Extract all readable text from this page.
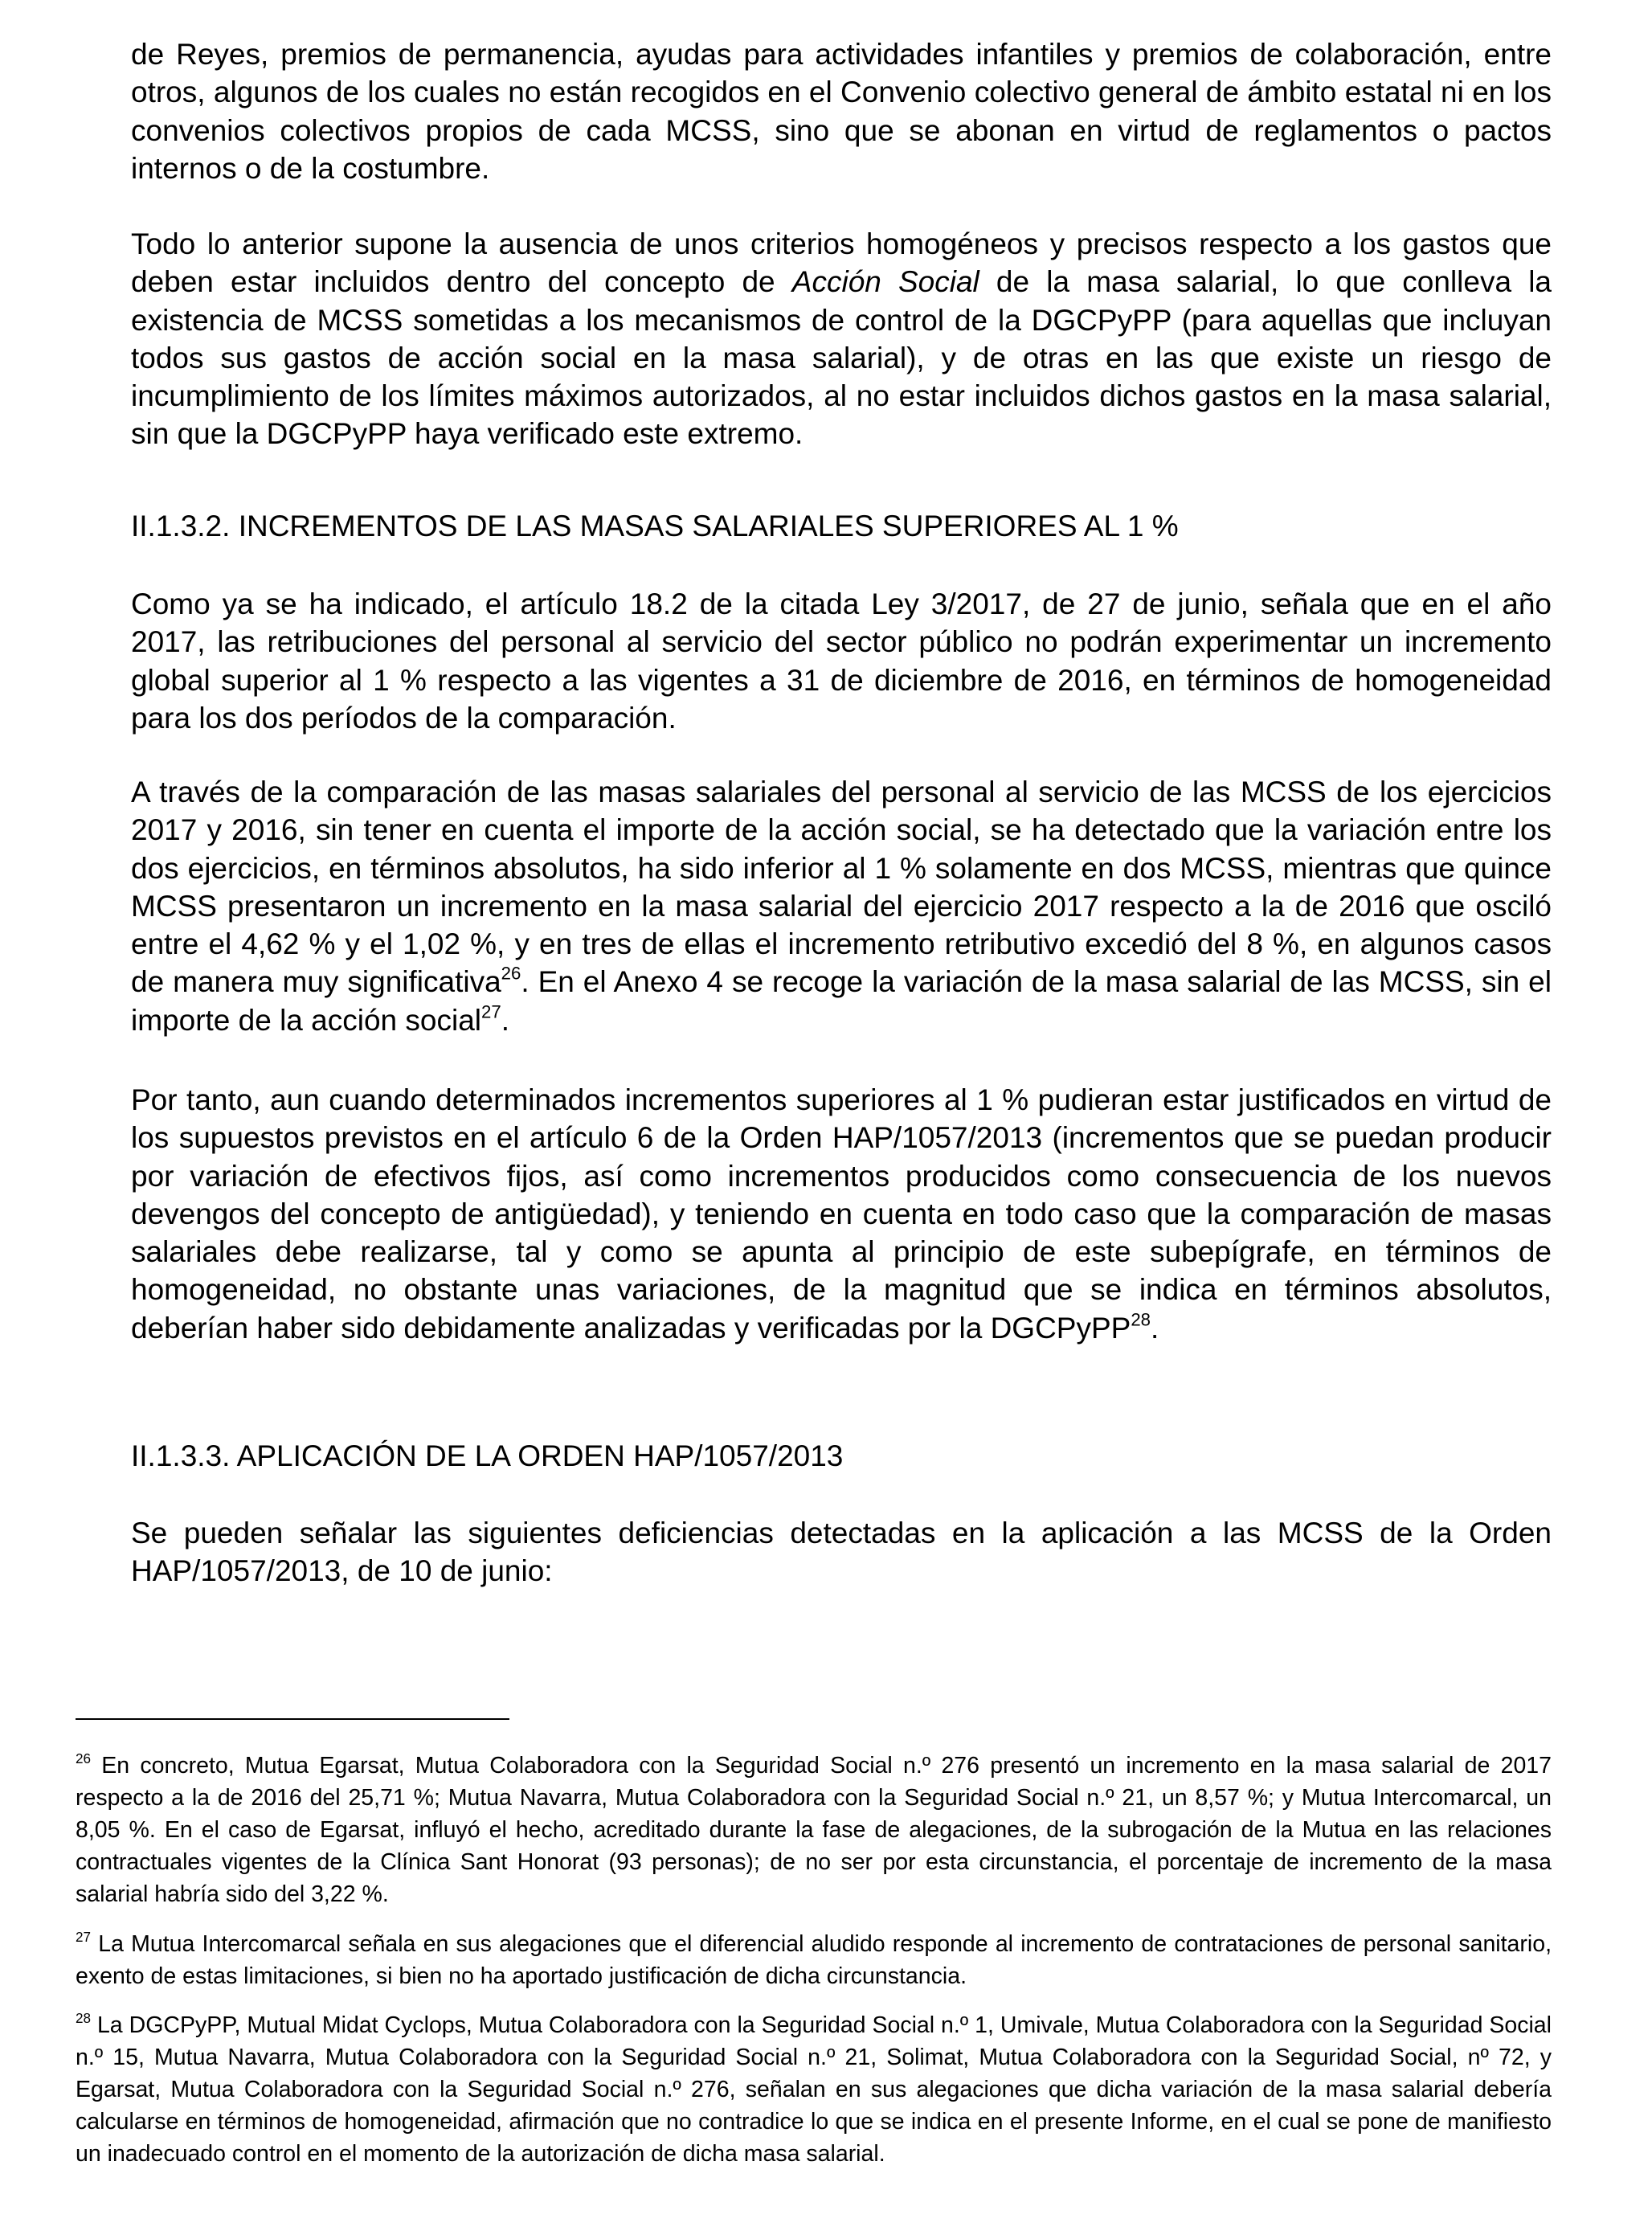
de Reyes, premios de permanencia, ayudas para actividades infantiles y premios de colaboración, entre otros, algunos de los cuales no están recogidos en el Convenio colectivo general de ámbito estatal ni en los convenios colectivos propios de cada MCSS, sino que se abonan en virtud de reglamentos o pactos internos o de la costumbre.
Todo lo anterior supone la ausencia de unos criterios homogéneos y precisos respecto a los gastos que deben estar incluidos dentro del concepto de Acción Social de la masa salarial, lo que conlleva la existencia de MCSS sometidas a los mecanismos de control de la DGCPyPP (para aquellas que incluyan todos sus gastos de acción social en la masa salarial), y de otras en las que existe un riesgo de incumplimiento de los límites máximos autorizados, al no estar incluidos dichos gastos en la masa salarial, sin que la DGCPyPP haya verificado este extremo.
II.1.3.2. INCREMENTOS DE LAS MASAS SALARIALES SUPERIORES AL 1 %
Como ya se ha indicado, el artículo 18.2 de la citada Ley 3/2017, de 27 de junio, señala que en el año 2017, las retribuciones del personal al servicio del sector público no podrán experimentar un incremento global superior al 1 % respecto a las vigentes a 31 de diciembre de 2016, en términos de homogeneidad para los dos períodos de la comparación.
A través de la comparación de las masas salariales del personal al servicio de las MCSS de los ejercicios 2017 y 2016, sin tener en cuenta el importe de la acción social, se ha detectado que la variación entre los dos ejercicios, en términos absolutos, ha sido inferior al 1 % solamente en dos MCSS, mientras que quince MCSS presentaron un incremento en la masa salarial del ejercicio 2017 respecto a la de 2016 que osciló entre el 4,62 % y el 1,02 %, y en tres de ellas el incremento retributivo excedió del 8 %, en algunos casos de manera muy significativa$^{26}$. En el Anexo 4 se recoge la variación de la masa salarial de las MCSS, sin el importe de la acción social$^{27}$.
Por tanto, aun cuando determinados incrementos superiores al 1 % pudieran estar justificados en virtud de los supuestos previstos en el artículo 6 de la Orden HAP/1057/2013 (incrementos que se puedan producir por variación de efectivos fijos, así como incrementos producidos como consecuencia de los nuevos devengos del concepto de antigüedad), y teniendo en cuenta en todo caso que la comparación de masas salariales debe realizarse, tal y como se apunta al principio de este subepígrafe, en términos de homogeneidad, no obstante unas variaciones, de la magnitud que se indica en términos absolutos, deberían haber sido debidamente analizadas y verificadas por la DGCPyPP$^{28}$.
II.1.3.3. APLICACIÓN DE LA ORDEN HAP/1057/2013
Se pueden señalar las siguientes deficiencias detectadas en la aplicación a las MCSS de la Orden HAP/1057/2013, de 10 de junio:
$^{26}$ En concreto, Mutua Egarsat, Mutua Colaboradora con la Seguridad Social n.º 276 presentó un incremento en la masa salarial de 2017 respecto a la de 2016 del 25,71 %; Mutua Navarra, Mutua Colaboradora con la Seguridad Social n.º 21, un 8,57 %; y Mutua Intercomarcal, un 8,05 %. En el caso de Egarsat, influyó el hecho, acreditado durante la fase de alegaciones, de la subrogación de la Mutua en las relaciones contractuales vigentes de la Clínica Sant Honorat (93 personas); de no ser por esta circunstancia, el porcentaje de incremento de la masa salarial habría sido del 3,22 %.
$^{27}$ La Mutua Intercomarcal señala en sus alegaciones que el diferencial aludido responde al incremento de contrataciones de personal sanitario, exento de estas limitaciones, si bien no ha aportado justificación de dicha circunstancia.
$^{28}$ La DGCPyPP, Mutual Midat Cyclops, Mutua Colaboradora con la Seguridad Social n.º 1, Umivale, Mutua Colaboradora con la Seguridad Social n.º 15, Mutua Navarra, Mutua Colaboradora con la Seguridad Social n.º 21, Solimat, Mutua Colaboradora con la Seguridad Social, nº 72, y Egarsat, Mutua Colaboradora con la Seguridad Social n.º 276, señalan en sus alegaciones que dicha variación de la masa salarial debería calcularse en términos de homogeneidad, afirmación que no contradice lo que se indica en el presente Informe, en el cual se pone de manifiesto un inadecuado control en el momento de la autorización de dicha masa salarial.
